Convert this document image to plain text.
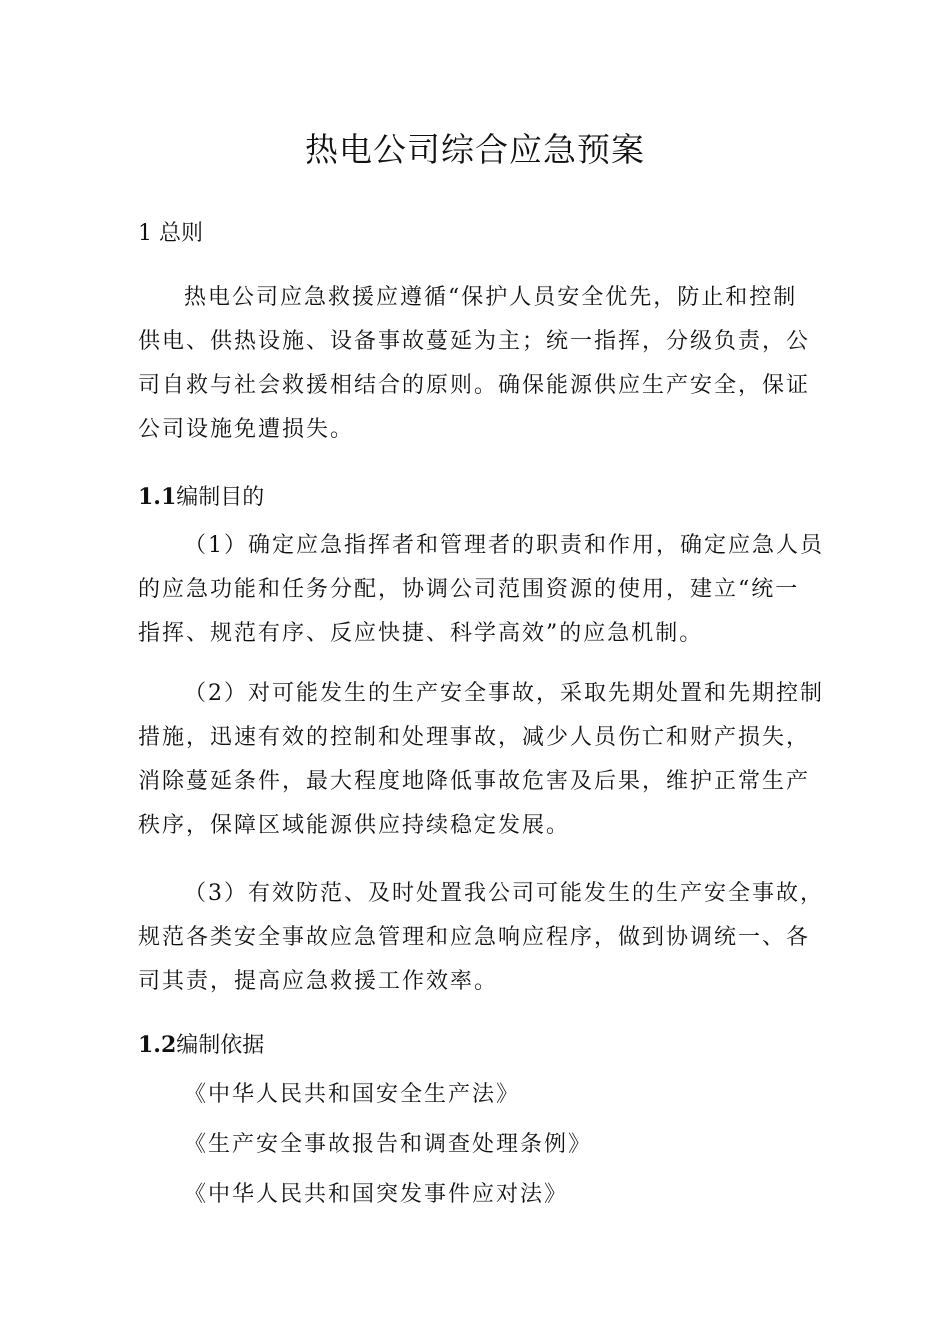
热电公司综合应急预案
1 总则

热电公司应急救援应遵循“保护人员安全优先，防止和控制
供电、供热设施、设备事故蔓延为主；统一指挥，分级负责，公
司自救与社会救援相结合的原则。确保能源供应生产安全，保证
公司设施免遭损失。

1.1编制目的

（1）确定应急指挥者和管理者的职责和作用，确定应急人员
的应急功能和任务分配，协调公司范围资源的使用，建立“统一
指挥、规范有序、反应快捷、科学高效”的应急机制。

（2）对可能发生的生产安全事故，采取先期处置和先期控制
措施，迅速有效的控制和处理事故，减少人员伤亡和财产损失，
消除蔓延条件，最大程度地降低事故危害及后果，维护正常生产
秩序，保障区域能源供应持续稳定发展。

（3）有效防范、及时处置我公司可能发生的生产安全事故，
规范各类安全事故应急管理和应急响应程序，做到协调统一、各
司其责，提高应急救援工作效率。

1.2编制依据

《中华人民共和国安全生产法》

《生产安全事故报告和调查处理条例》

《中华人民共和国突发事件应对法》
